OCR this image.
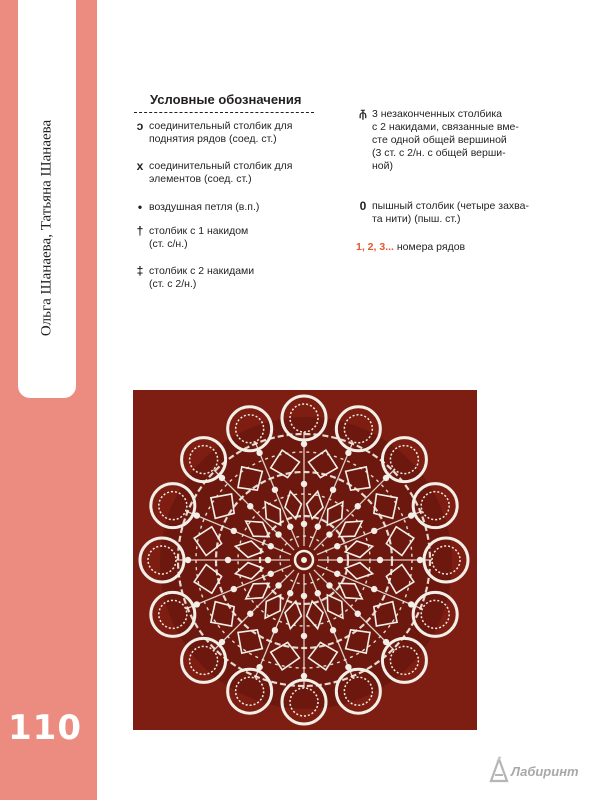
Ольга Шанаева, Татьяна Шанаева
110
Условные обозначения
ↄ соединительный столбик для
поднятия рядов (соед. ст.)
x соединительный столбик для
элементов (соед. ст.)
• воздушная петля (в.п.)
† столбик с 1 накидом
(ст. с/н.)
‡ столбик с 2 накидами
(ст. с 2/н.)
⫚ 3 незаконченных столбика
с 2 накидами, связанные вме-
сте одной общей вершиной
(3 ст. с 2/н. с общей верши-
ной)
0 пышный столбик (четыре захва-
та нити) (пыш. ст.)
1, 2, 3... номера рядов
Лабиринт
